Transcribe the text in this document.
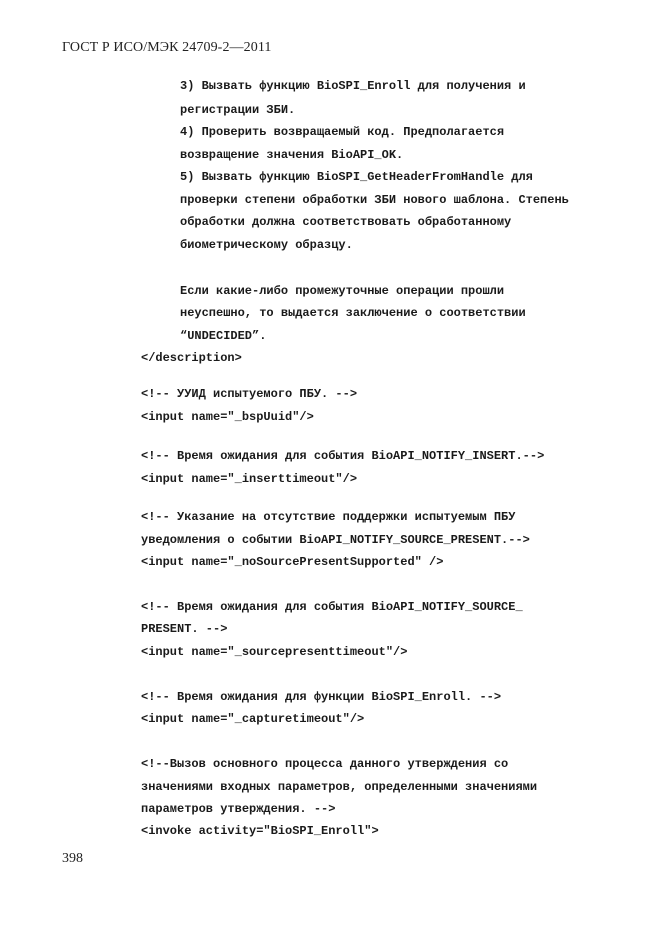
ГОСТ Р ИСО/МЭК 24709-2—2011
3) Вызвать функцию BioSPI_Enroll для получения и
регистрации ЗБИ.
4) Проверить возвращаемый код. Предполагается
возвращение значения BioAPI_OK.
5) Вызвать функцию BioSPI_GetHeaderFromHandle для
проверки степени обработки ЗБИ нового шаблона. Степень
обработки должна соответствовать обработанному
биометрическому образцу.
Если какие-либо промежуточные операции прошли
неуспешно, то выдается заключение о соответствии
“UNDECIDED”.
</description>
<!-- УУИД испытуемого ПБУ. -->
<input name="_bspUuid"/>
<!-- Время ожидания для события BioAPI_NOTIFY_INSERT.-->
<input name="_inserttimeout"/>
<!-- Указание на отсутствие поддержки испытуемым ПБУ
уведомления о событии BioAPI_NOTIFY_SOURCE_PRESENT.-->
<input name="_noSourcePresentSupported" />
<!-- Время ожидания для события BioAPI_NOTIFY_SOURCE_
PRESENT. -->
<input name="_sourcepresenttimeout"/>
<!-- Время ожидания для функции BioSPI_Enroll. -->
<input name="_capturetimeout"/>
<!--Вызов основного процесса данного утверждения со
значениями входных параметров, определенными значениями
параметров утверждения. -->
<invoke activity="BioSPI_Enroll">
398
